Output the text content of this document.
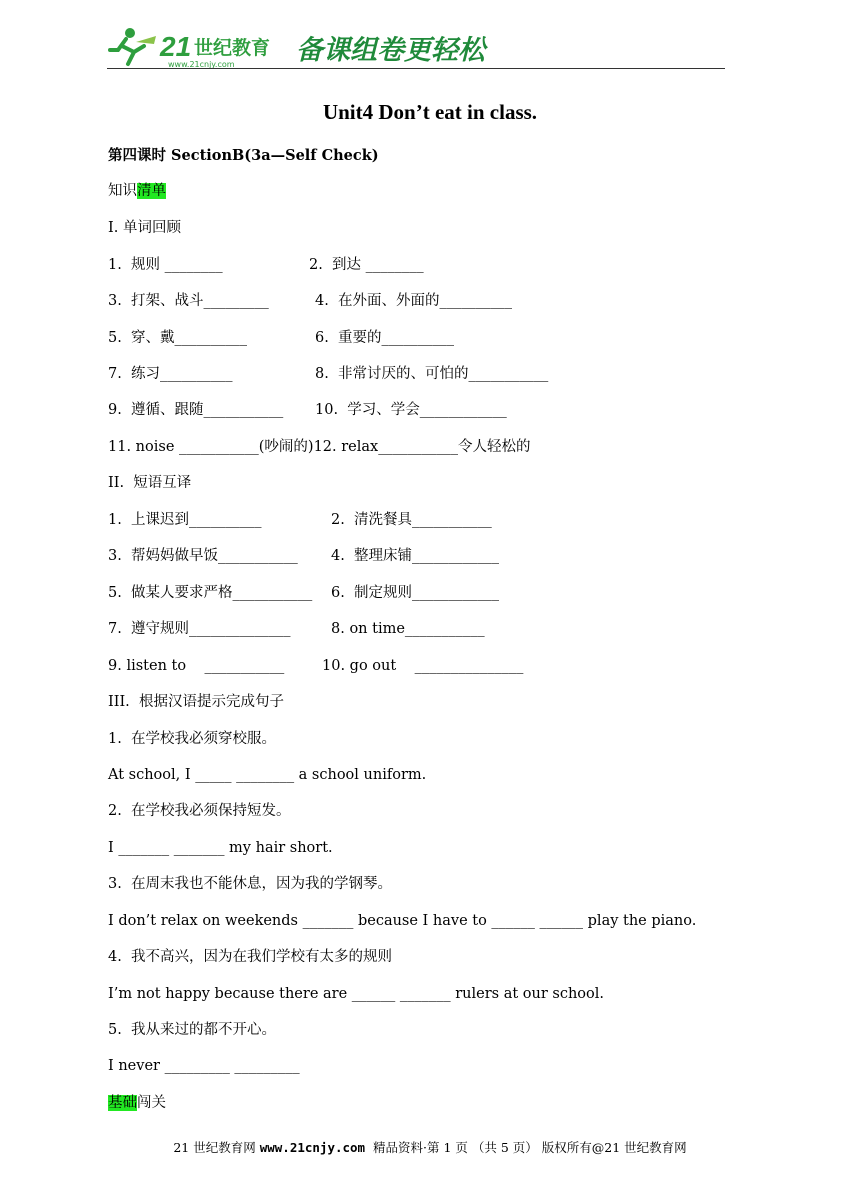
21 世纪教育
www.21cnjy.com 备课组卷更轻松
Unit4 Don’t eat in class.
第四课时 SectionB(3a—Self Check)
知识清单
Ⅰ. 单词回顾
1.  规则 ________	2.  到达 ________
3.  打架、战斗_________	4.  在外面、外面的__________
5.  穿、戴__________	6.  重要的__________
7.  练习__________	8.  非常讨厌的、可怕的___________
9.  遵循、跟随___________ 10.  学习、学会____________
11. noise ___________(吵闹的)12. relax___________令人轻松的
II.  短语互译
1.  上课迟到__________	2.  清洗餐具___________
3.  帮妈妈做早饭___________ 4.  整理床铺____________
5.  做某人要求严格___________ 6.  制定规则____________
7.  遵守规则______________	8. on time___________
9. listen to    ___________	10. go out    _______________
III.  根据汉语提示完成句子
1.  在学校我必须穿校服。
At school, I _____ ________ a school uniform.
2.  在学校我必须保持短发。
I _______ _______ my hair short.
3.  在周末我也不能休息，因为我的学钢琴。
I don’t relax on weekends _______ because I have to ______ ______ play the piano.
4.  我不高兴，因为在我们学校有太多的规则
I’m not happy because there are ______ _______ rulers at our school.
5.  我从来过的都不开心。
I never _________ _________
基础闯关
21 世纪教育网 www.21cnjy.com  精品资料·第 1 页 （共 5 页） 版权所有@21 世纪教育网
